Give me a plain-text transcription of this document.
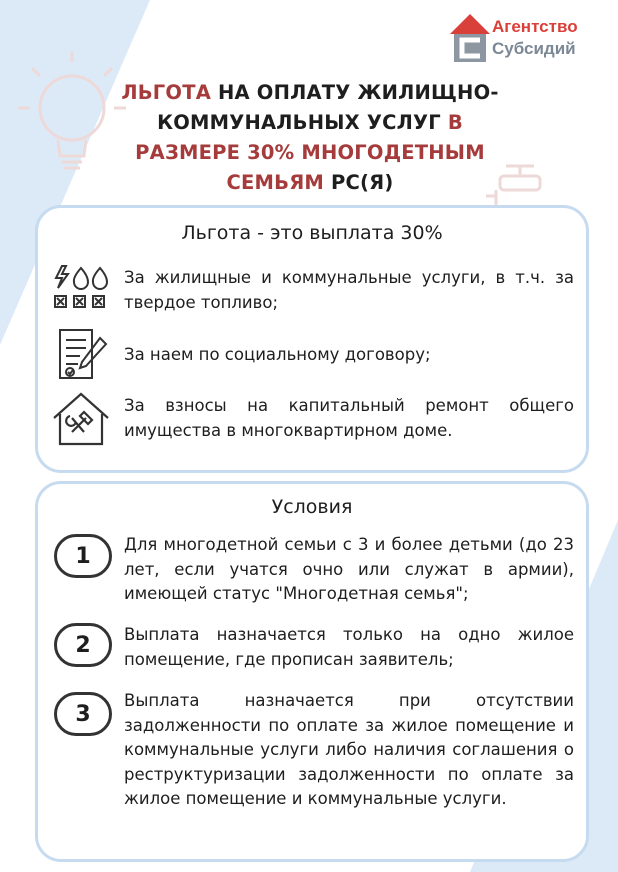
Агентство
Субсидий
ЛЬГОТА НА ОПЛАТУ ЖИЛИЩНО-
КОММУНАЛЬНЫХ УСЛУГ В
РАЗМЕРЕ 30% МНОГОДЕТНЫМ
СЕМЬЯМ РС(Я)
Льгота - это выплата 30%
За жилищные и коммунальные услуги, в т.ч. за твердое топливо;
За наем по социальному договору;
За взносы на капитальный ремонт общего имущества в многоквартирном доме.
Условия
1	Для многодетной семьи с 3 и более детьми (до 23 лет, если учатся очно или служат в армии), имеющей статус "Многодетная семья";
2	Выплата назначается только на одно жилое помещение, где прописан заявитель;
3
Выплата назначается при отсутствии задолженности по оплате за жилое помещение и коммунальные услуги либо наличия соглашения о реструктуризации задолженности по оплате за жилое помещение и коммунальные услуги.
